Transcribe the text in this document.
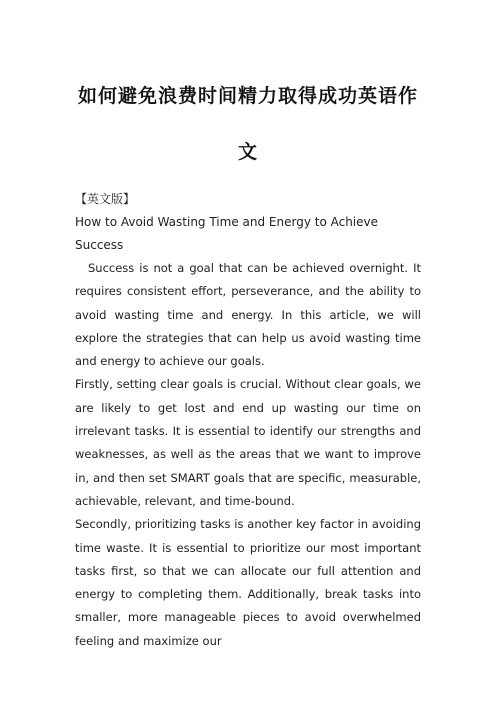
如何避免浪费时间精力取得成功英语作文
【英文版】
How to Avoid Wasting Time and Energy to Achieve Success

Success is not a goal that can be achieved overnight. It requires consistent effort, perseverance, and the ability to avoid wasting time and energy. In this article, we will explore the strategies that can help us avoid wasting time and energy to achieve our goals.

Firstly, setting clear goals is crucial. Without clear goals, we are likely to get lost and end up wasting our time on irrelevant tasks. It is essential to identify our strengths and weaknesses, as well as the areas that we want to improve in, and then set SMART goals that are specific, measurable, achievable, relevant, and time-bound.

Secondly, prioritizing tasks is another key factor in avoiding time waste. It is essential to prioritize our most important tasks first, so that we can allocate our full attention and energy to completing them. Additionally, break tasks into smaller, more manageable pieces to avoid overwhelmed feeling and maximize our
